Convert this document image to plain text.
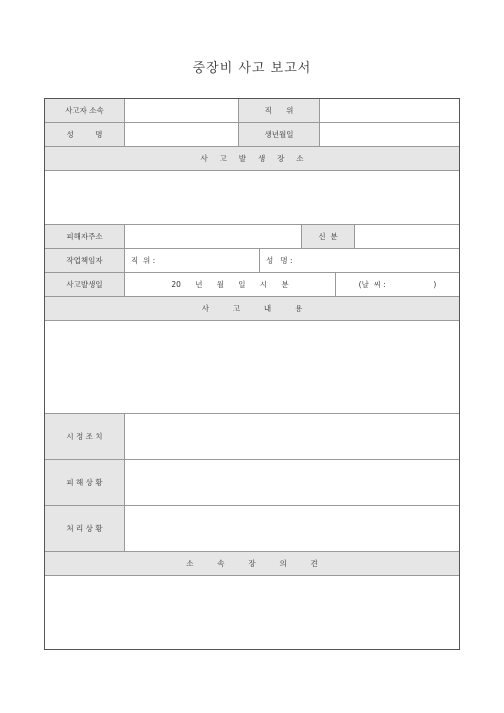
중장비 사고 보고서
사고자 소속	직      위
성         명	생년월일
사     고     발     생     장     소
피해자주소	신  분
작업책임자	직  위 :	성   명 :
사고발생일	20      년      월      일      시      분	(날  씨 :                    )
사          고          내          용
시 정 조 치
피 해 상 황
처 리 상 황
소          속          장          의          견
